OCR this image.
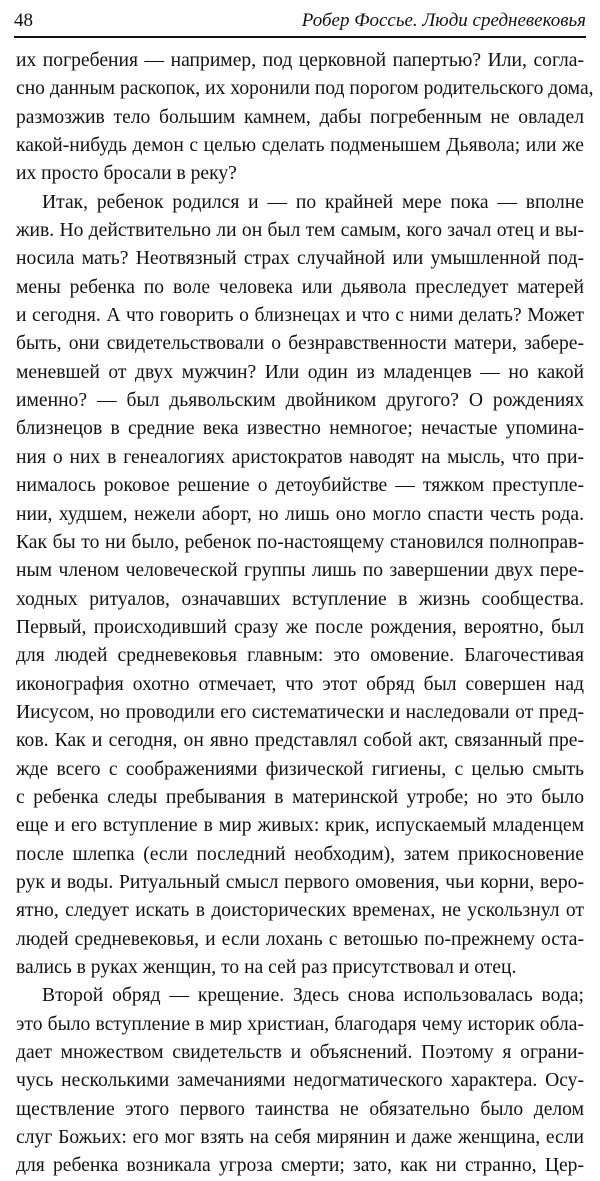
48	Робер Фоссье. Люди средневековья
их погребения — например, под церковной папертью? Или, согла-
сно данным раскопок, их хоронили под порогом родительского дома,
размозжив тело большим камнем, дабы погребенным не овладел
какой-нибудь демон с целью сделать подменышем Дьявола; или же
их просто бросали в реку?
Итак, ребенок родился и — по крайней мере пока — вполне
жив. Но действительно ли он был тем самым, кого зачал отец и вы-
носила мать? Неотвязный страх случайной или умышленной под-
мены ребенка по воле человека или дьявола преследует матерей
и сегодня. А что говорить о близнецах и что с ними делать? Может
быть, они свидетельствовали о безнравственности матери, забере-
меневшей от двух мужчин? Или один из младенцев — но какой
именно? — был дьявольским двойником другого? О рождениях
близнецов в средние века известно немногое; нечастые упомина-
ния о них в генеалогиях аристократов наводят на мысль, что при-
нималось роковое решение о детоубийстве — тяжком преступле-
нии, худшем, нежели аборт, но лишь оно могло спасти честь рода.
Как бы то ни было, ребенок по-настоящему становился полноправ-
ным членом человеческой группы лишь по завершении двух пере-
ходных ритуалов, означавших вступление в жизнь сообщества.
Первый, происходивший сразу же после рождения, вероятно, был
для людей средневековья главным: это омовение. Благочестивая
иконография охотно отмечает, что этот обряд был совершен над
Иисусом, но проводили его систематически и наследовали от пред-
ков. Как и сегодня, он явно представлял собой акт, связанный пре-
жде всего с соображениями физической гигиены, с целью смыть
с ребенка следы пребывания в материнской утробе; но это было
еще и его вступление в мир живых: крик, испускаемый младенцем
после шлепка (если последний необходим), затем прикосновение
рук и воды. Ритуальный смысл первого омовения, чьи корни, веро-
ятно, следует искать в доисторических временах, не ускользнул от
людей средневековья, и если лохань с ветошью по-прежнему оста-
вались в руках женщин, то на сей раз присутствовал и отец.
Второй обряд — крещение. Здесь снова использовалась вода;
это было вступление в мир христиан, благодаря чему историк обла-
дает множеством свидетельств и объяснений. Поэтому я ограни-
чусь несколькими замечаниями недогматического характера. Осу-
ществление этого первого таинства не обязательно было делом
слуг Божьих: его мог взять на себя мирянин и даже женщина, если
для ребенка возникала угроза смерти; зато, как ни странно, Цер-
